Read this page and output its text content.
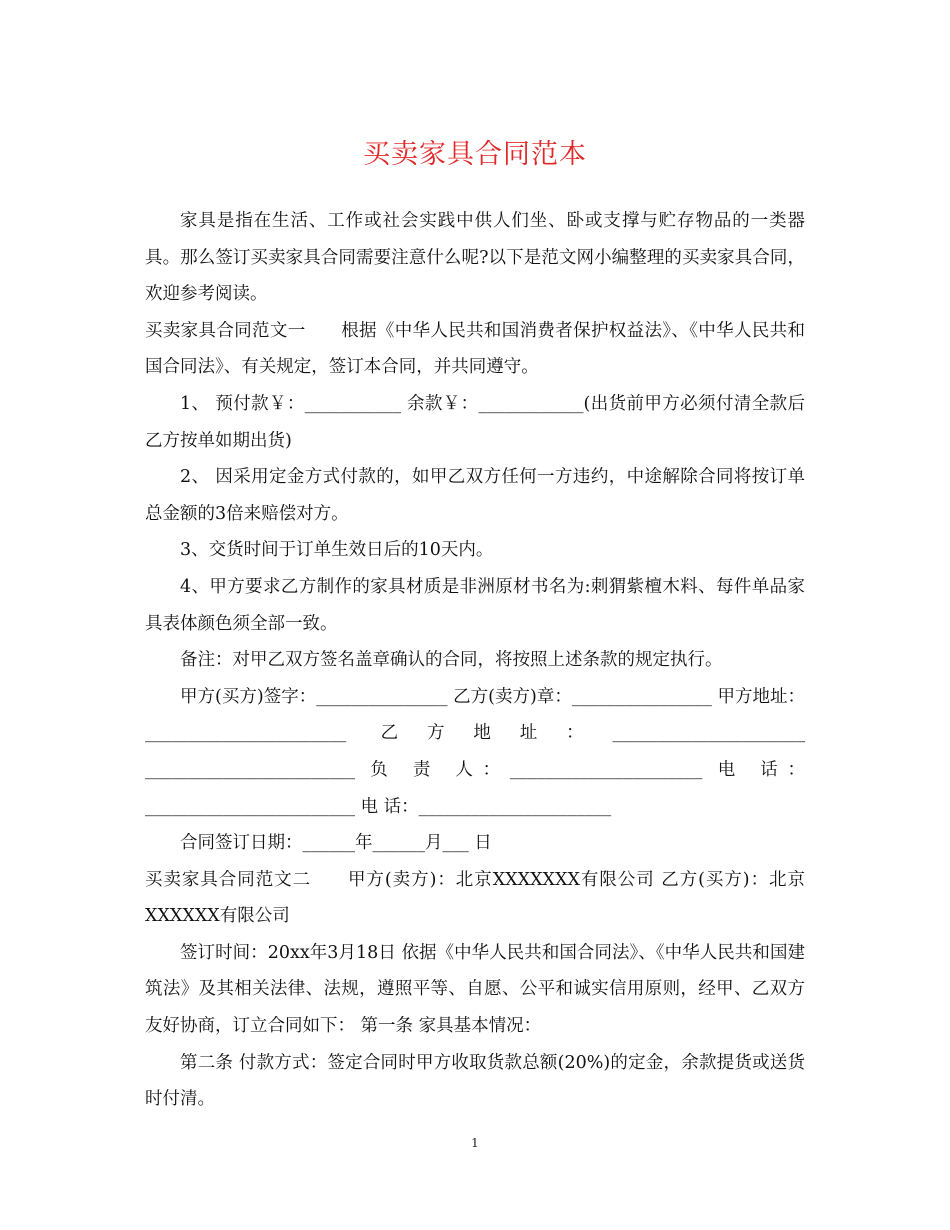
买卖家具合同范本

家具是指在生活、工作或社会实践中供人们坐、卧或支撑与贮存物品的一类器具。那么签订买卖家具合同需要注意什么呢?以下是范文网小编整理的买卖家具合同，欢迎参考阅读。

买卖家具合同范文一　　根据《中华人民共和国消费者保护权益法》、《中华人民共和国合同法》、有关规定，签订本合同，并共同遵守。

1、 预付款￥：___________ 余款￥：____________(出货前甲方必须付清全款后乙方按单如期出货)

2、 因采用定金方式付款的，如甲乙双方任何一方违约，中途解除合同将按订单总金额的3倍来赔偿对方。

3、交货时间于订单生效日后的10天内。

4、甲方要求乙方制作的家具材质是非洲原材书名为:刺猬紫檀木料、每件单品家具表体颜色须全部一致。

备注：对甲乙双方签名盖章确认的合同，将按照上述条款的规定执行。

甲方(买方)签字：_______________ 乙方(卖方)章：________________ 甲方地址：_______________________ 乙方地址：______________________ ________________________ 负 责 人：______________________ 电 话：________________________ 电 话：______________________

合同签订日期：______年______月___ 日

买卖家具合同范文二　　甲方(卖方)：北京XXXXXXX有限公司 乙方(买方)：北京XXXXXX有限公司

签订时间：20xx年3月18日 依据《中华人民共和国合同法》、《中华人民共和国建筑法》及其相关法律、法规，遵照平等、自愿、公平和诚实信用原则，经甲、乙双方友好协商，订立合同如下： 第一条 家具基本情况：

第二条 付款方式：签定合同时甲方收取货款总额(20%)的定金，余款提货或送货时付清。

1
